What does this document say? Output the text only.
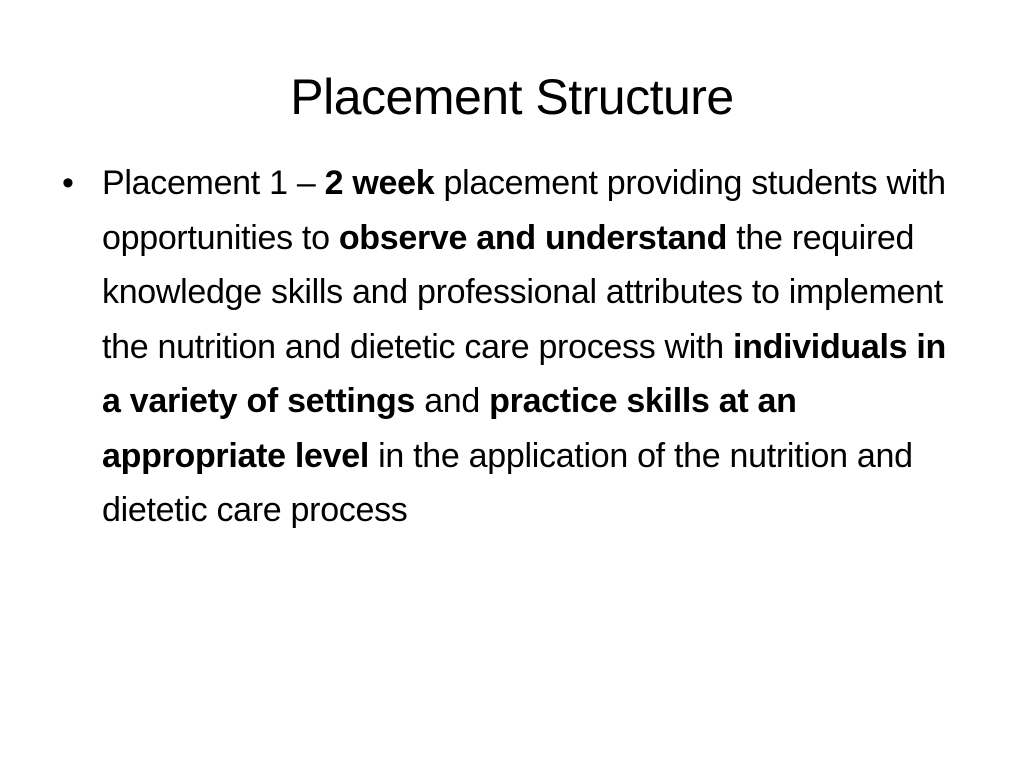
Placement Structure
• Placement 1 – 2 week placement providing students with opportunities to observe and understand the required knowledge skills and professional attributes to implement the nutrition and dietetic care process with individuals in a variety of settings and practice skills at an appropriate level in the application of the nutrition and dietetic care process
